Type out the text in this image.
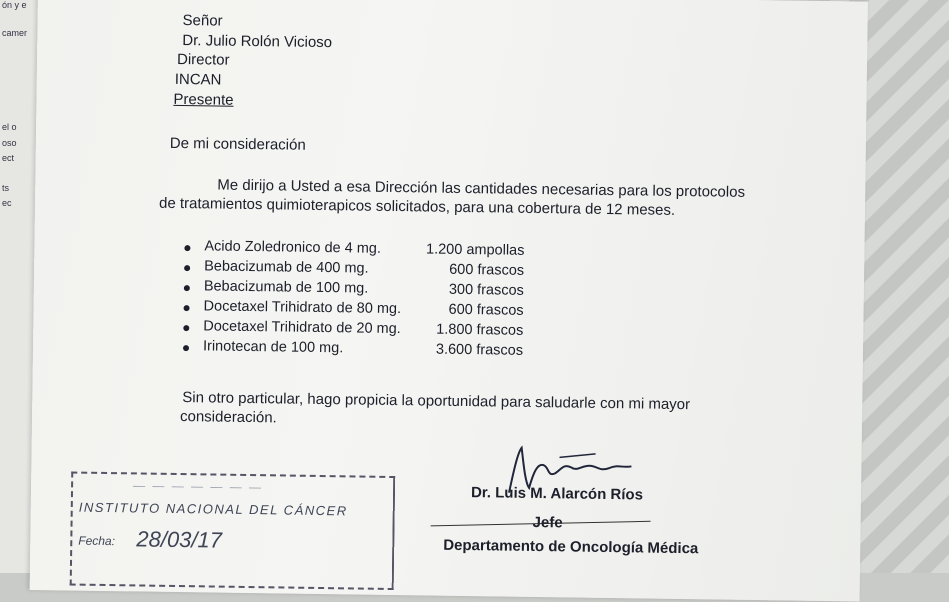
ón y e
camer
el o
oso
ect
ts
ec
Señor
Dr. Julio Rolón Vicioso
Director
INCAN
Presente
De mi consideración
Me dirijo a Usted a esa Dirección las cantidades necesarias para los protocolos
de tratamientos quimioterapicos solicitados, para una cobertura de 12 meses.
Acido Zoledronico de 4 mg.	1.200 ampollas
Bebacizumab de 400 mg.	600 frascos
Bebacizumab de 100 mg.	300 frascos
Docetaxel Trihidrato de 80 mg.	600 frascos
Docetaxel Trihidrato de 20 mg. 1.800 frascos
Irinotecan de 100 mg.	3.600 frascos
Sin otro particular, hago propicia la oportunidad para saludarle con mi mayor
consideración.
Dr. Luis M. Alarcón Ríos
Jefe
Departamento de Oncología Médica
— — — — — — —
INSTITUTO NACIONAL DEL CÁNCER
Fecha: 28/03/17
